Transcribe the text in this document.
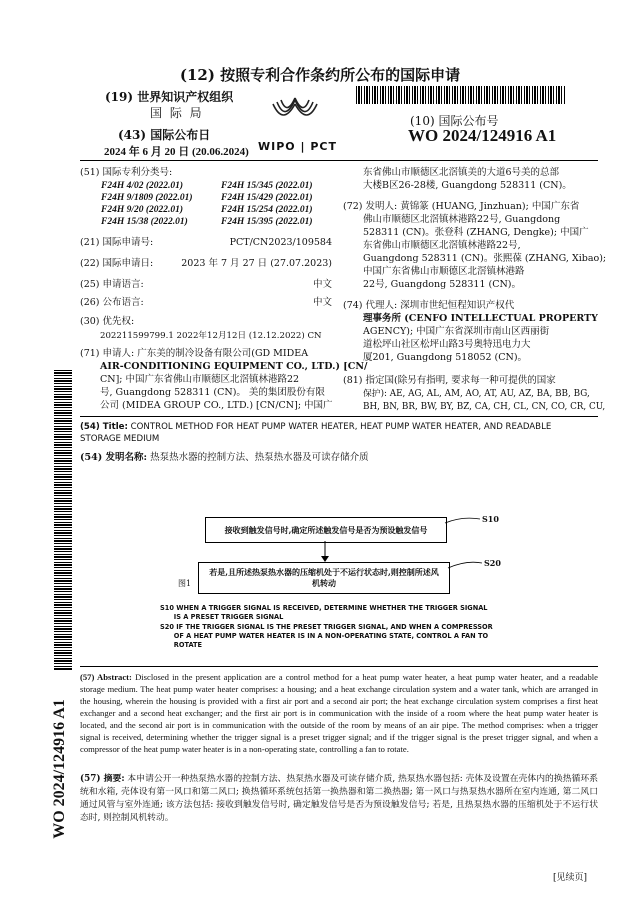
(12) 按照专利合作条约所公布的国际申请
(19) 世界知识产权组织
国 际 局
(43) 国际公布日
2024 年 6 月 20 日 (20.06.2024) WIPO | PCT
(10) 国际公布号
WO 2024/124916 A1
WO 2024/124916 A1
(51) 国际专利分类号:
F24H 4/02 (2022.01)	F24H 15/345 (2022.01)
F24H 9/1809 (2022.01)	F24H 15/429 (2022.01)
F24H 9/20 (2022.01)	F24H 15/254 (2022.01)
F24H 15/38 (2022.01)	F24H 15/395 (2022.01)
(21) 国际申请号:	PCT/CN2023/109584
(22) 国际申请日:	2023 年 7 月 27 日 (27.07.2023)
(25) 申请语言:	中文
(26) 公布语言:	中文
(30) 优先权:
202211599799.1 2022年12月12日 (12.12.2022) CN
(71) 申请人: 广东美的制冷设备有限公司(GD MIDEA
AIR-CONDITIONING EQUIPMENT CO., LTD.) [CN/
CN]; 中国广东省佛山市顺德区北滘镇林港路22
号, Guangdong 528311 (CN)。 美的集团股份有限
公司 (MIDEA GROUP CO., LTD.) [CN/CN]; 中国广
东省佛山市顺德区北滘镇美的大道6号美的总部
大楼B区26-28楼, Guangdong 528311 (CN)。
(72) 发明人: 黄锦篆 (HUANG, Jinzhuan); 中国广东省
佛山市顺德区北滘镇林港路22号, Guangdong
528311 (CN)。张登科 (ZHANG, Dengke); 中国广
东省佛山市顺德区北滘镇林港路22号,
Guangdong 528311 (CN)。张熙葆 (ZHANG, Xibao);
中国广东省佛山市顺德区北滘镇林港路
22号, Guangdong 528311 (CN)。
(74) 代理人: 深圳市世纪恒程知识产权代
理事务所 (CENFO INTELLECTUAL PROPERTY
AGENCY); 中国广东省深圳市南山区西丽街
道松坪山社区松坪山路3号奥特迅电力大
厦201, Guangdong 518052 (CN)。
(81) 指定国(除另有指明, 要求每一种可提供的国家
保护): AE, AG, AL, AM, AO, AT, AU, AZ, BA, BB, BG,
BH, BN, BR, BW, BY, BZ, CA, CH, CL, CN, CO, CR, CU,
(54) Title: CONTROL METHOD FOR HEAT PUMP WATER HEATER, HEAT PUMP WATER HEATER, AND READABLE
STORAGE MEDIUM
(54) 发明名称: 热泵热水器的控制方法、热泵热水器及可读存储介质
接收到触发信号时,确定所述触发信号是否为预设触发信号
S10
若是,且所述热泵热水器的压缩机处于不运行状态时,则控制所述风
机转动
S20
图1
S10 WHEN A TRIGGER SIGNAL IS RECEIVED, DETERMINE WHETHER THE TRIGGER SIGNAL
IS A PRESET TRIGGER SIGNAL
S20 IF THE TRIGGER SIGNAL IS THE PRESET TRIGGER SIGNAL, AND WHEN A COMPRESSOR
OF A HEAT PUMP WATER HEATER IS IN A NON-OPERATING STATE, CONTROL A FAN TO
ROTATE
(57) Abstract: Disclosed in the present application are a control method for a heat pump water heater, a heat pump water heater, and a readable storage medium. The heat pump water heater comprises: a housing; and a heat exchange circulation system and a water tank, which are arranged in the housing, wherein the housing is provided with a first air port and a second air port; the heat exchange circulation system comprises a first heat exchanger and a second heat exchanger; and the first air port is in communication with the inside of a room where the heat pump water heater is located, and the second air port is in communication with the outside of the room by means of an air pipe. The method comprises: when a trigger signal is received, determining whether the trigger signal is a preset trigger signal; and if the trigger signal is the preset trigger signal, and when a compressor of the heat pump water heater is in a non-operating state, controlling a fan to rotate.
(57) 摘要: 本申请公开一种热泵热水器的控制方法、热泵热水器及可读存储介质, 热泵热水器包括: 壳体及设置在壳体内的换热循环系统和水箱, 壳体设有第一风口和第二风口; 换热循环系统包括第一换热器和第二换热器; 第一风口与热泵热水器所在室内连通, 第二风口通过风管与室外连通; 该方法包括: 接收到触发信号时, 确定触发信号是否为预设触发信号; 若是, 且热泵热水器的压缩机处于不运行状态时, 则控制风机转动。
[见续页]
